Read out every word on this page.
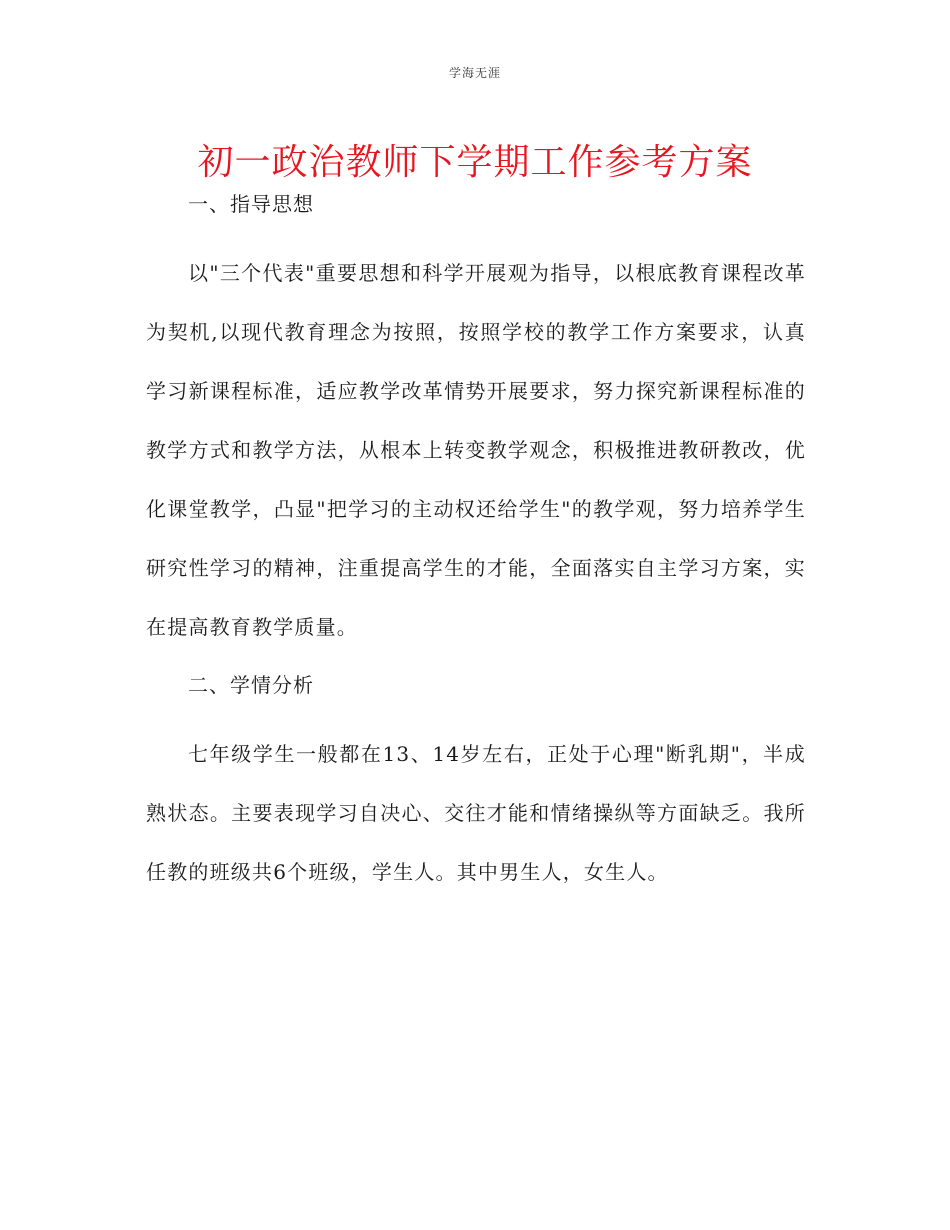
学海无涯
初一政治教师下学期工作参考方案

一、指导思想

以"三个代表"重要思想和科学开展观为指导，以根底教育课程改革为契机,以现代教育理念为按照，按照学校的教学工作方案要求，认真学习新课程标准，适应教学改革情势开展要求，努力探究新课程标准的教学方式和教学方法，从根本上转变教学观念，积极推进教研教改，优化课堂教学，凸显"把学习的主动权还给学生"的教学观，努力培养学生研究性学习的精神，注重提高学生的才能，全面落实自主学习方案，实在提高教育教学质量。

二、学情分析

七年级学生一般都在13、14岁左右，正处于心理"断乳期"，半成熟状态。主要表现学习自决心、交往才能和情绪操纵等方面缺乏。我所任教的班级共6个班级，学生人。其中男生人，女生人。
